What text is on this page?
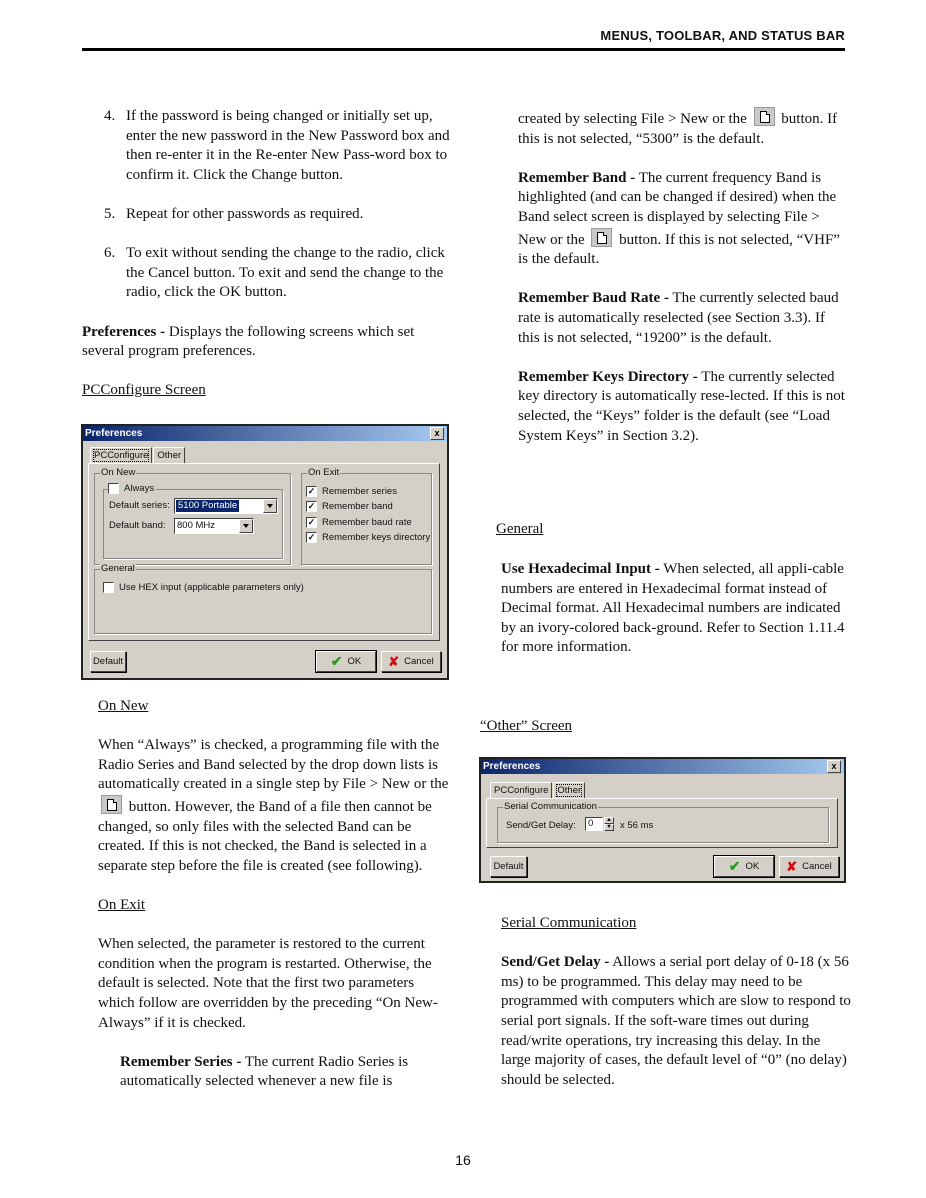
MENUS, TOOLBAR, AND STATUS BAR
4. If the password is being changed or initially set up, enter the new password in the New Password box and then re-enter it in the Re-enter New Pass-word box to confirm it. Click the Change button.
5. Repeat for other passwords as required.
6. To exit without sending the change to the radio, click the Cancel button. To exit and send the change to the radio, click the OK button.

Preferences - Displays the following screens which set several program preferences.

PCConfigure Screen

Preferences	x
PCConfigure Other
On New
Always
Default series: 5100 Portable
Default band: 800 MHz
On Exit
✓ Remember series
✓ Remember band
✓ Remember baud rate
✓ Remember keys directory
General
Use HEX input (applicable parameters only)
Default	✔ OK ✘ Cancel

On New

When “Always” is checked, a programming file with the Radio Series and Band selected by the drop down lists is automatically created in a single step by File > New or the  button. However, the Band of a file then cannot be changed, so only files with the selected Band can be created. If this is not checked, the Band is selected in a separate step before the file is created (see following).

On Exit

When selected, the parameter is restored to the current condition when the program is restarted. Otherwise, the default is selected. Note that the first two parameters which follow are overridden by the preceding “On New- Always” if it is checked.

Remember Series - The current Radio Series is automatically selected whenever a new file is

created by selecting File > New or the button. If this is not selected, “5300” is the default.

Remember Band - The current frequency Band is highlighted (and can be changed if desired) when the Band select screen is displayed by selecting File > New or the button. If this is not selected, “VHF” is the default.

Remember Baud Rate - The currently selected baud rate is automatically reselected (see Section 3.3). If this is not selected, “19200” is the default.

Remember Keys Directory - The currently selected key directory is automatically rese-lected. If this is not selected, the “Keys” folder is the default (see “Load System Keys” in Section 3.2).

General

Use Hexadecimal Input - When selected, all appli-cable numbers are entered in Hexadecimal format instead of Decimal format. All Hexadecimal numbers are indicated by an ivory-colored back-ground. Refer to Section 1.11.4 for more information.

“Other” Screen

Preferences	x
PCConfigure Other
Serial Communication
Send/Get Delay:	0	▲
▼ x 56 ms
Default	✔ OK ✘ Cancel

Serial Communication

Send/Get Delay - Allows a serial port delay of 0-18 (x 56 ms) to be programmed. This delay may need to be programmed with computers which are slow to respond to serial port signals. If the soft-ware times out during read/write operations, try increasing this delay. In the large majority of cases, the default level of “0” (no delay) should be selected.

16
